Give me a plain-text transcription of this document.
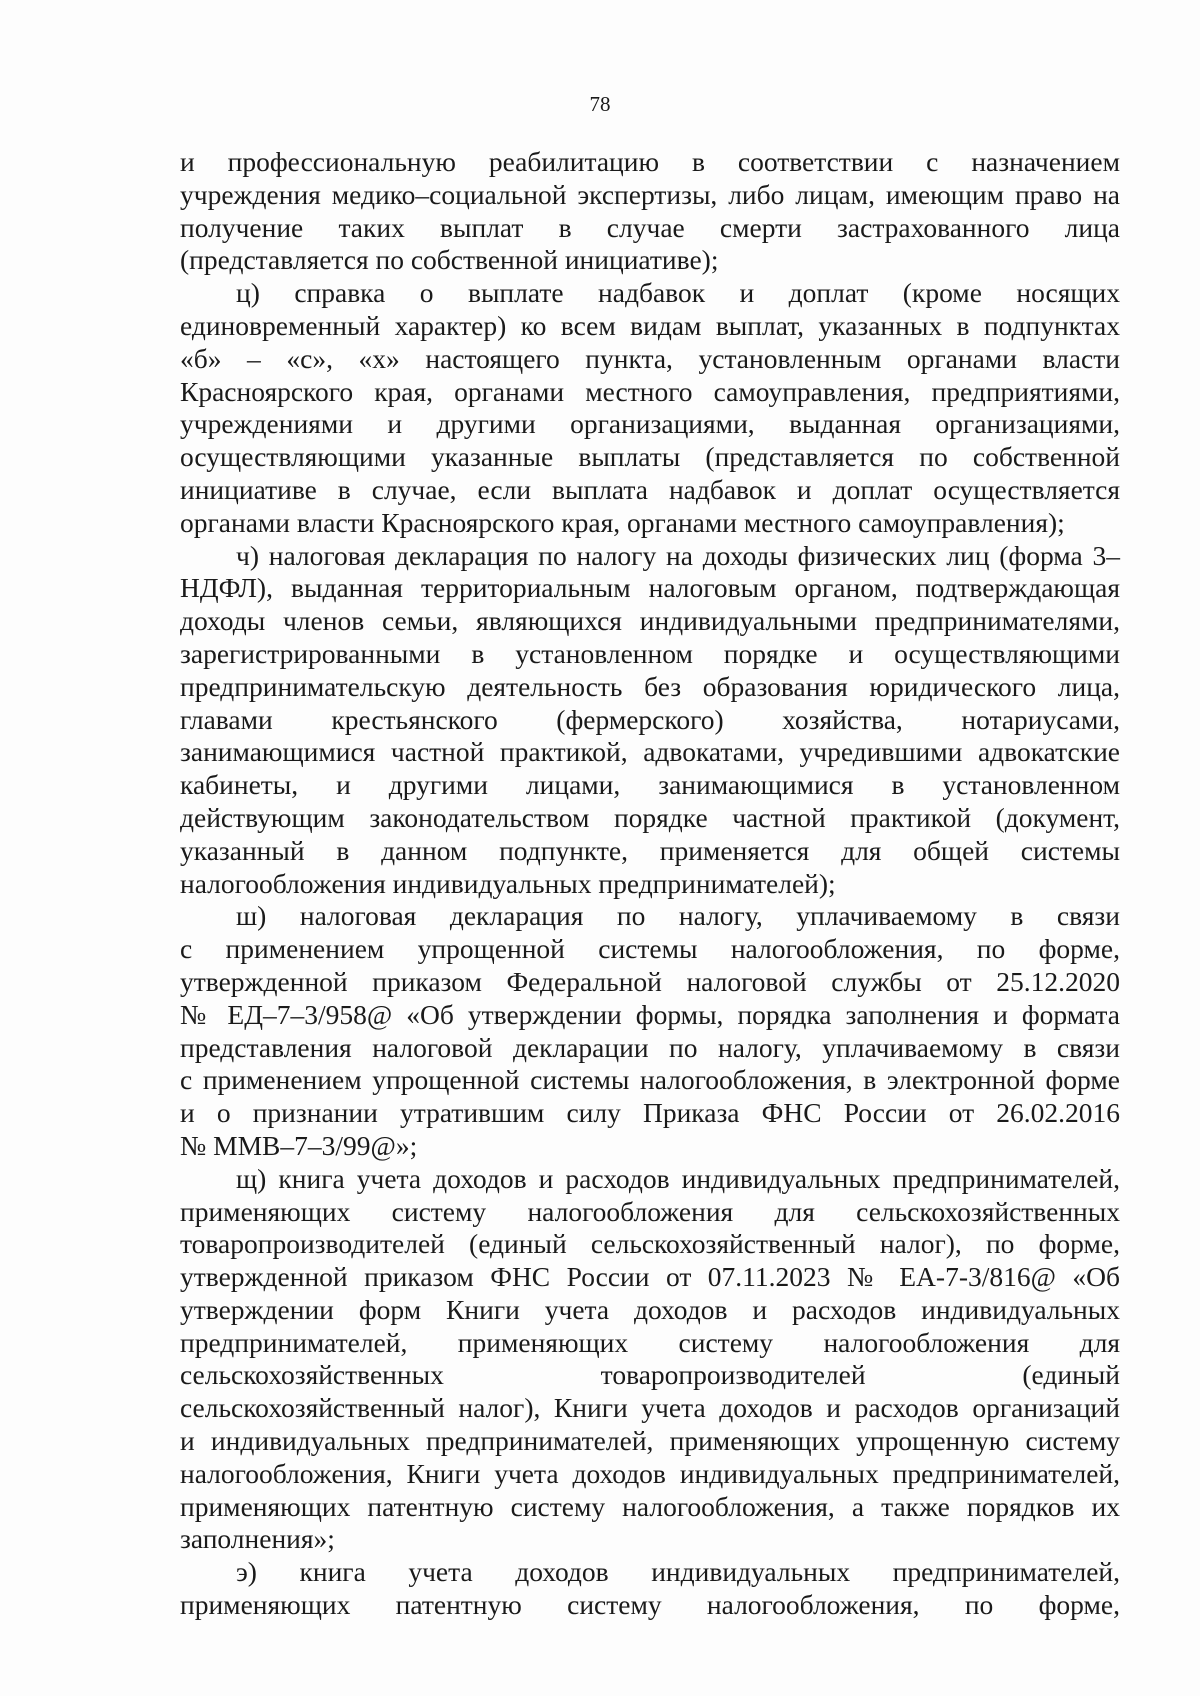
78
и профессиональную реабилитацию в соответствии с назначением
учреждения медико–социальной экспертизы, либо лицам, имеющим право на
получение таких выплат в случае смерти застрахованного лица
(представляется по собственной инициативе);
ц) справка о выплате надбавок и доплат (кроме носящих
единовременный характер) ко всем видам выплат, указанных в подпунктах
«б» – «с», «х» настоящего пункта, установленным органами власти
Красноярского края, органами местного самоуправления, предприятиями,
учреждениями и другими организациями, выданная организациями,
осуществляющими указанные выплаты (представляется по собственной
инициативе в случае, если выплата надбавок и доплат осуществляется
органами власти Красноярского края, органами местного самоуправления);
ч) налоговая декларация по налогу на доходы физических лиц (форма 3–
НДФЛ), выданная территориальным налоговым органом, подтверждающая
доходы членов семьи, являющихся индивидуальными предпринимателями,
зарегистрированными в установленном порядке и осуществляющими
предпринимательскую деятельность без образования юридического лица,
главами крестьянского (фермерского) хозяйства, нотариусами,
занимающимися частной практикой, адвокатами, учредившими адвокатские
кабинеты, и другими лицами, занимающимися в установленном
действующим законодательством порядке частной практикой (документ,
указанный в данном подпункте, применяется для общей системы
налогообложения индивидуальных предпринимателей);
ш) налоговая декларация по налогу, уплачиваемому в связи
с применением упрощенной системы налогообложения, по форме,
утвержденной приказом Федеральной налоговой службы от 25.12.2020
№ ЕД–7–3/958@ «Об утверждении формы, порядка заполнения и формата
представления налоговой декларации по налогу, уплачиваемому в связи
с применением упрощенной системы налогообложения, в электронной форме
и о признании утратившим силу Приказа ФНС России от 26.02.2016
№ ММВ–7–3/99@»;
щ) книга учета доходов и расходов индивидуальных предпринимателей,
применяющих систему налогообложения для сельскохозяйственных
товаропроизводителей (единый сельскохозяйственный налог), по форме,
утвержденной приказом ФНС России от 07.11.2023 № ЕА-7-3/816@ «Об
утверждении форм Книги учета доходов и расходов индивидуальных
предпринимателей, применяющих систему налогообложения для
сельскохозяйственных товаропроизводителей (единый
сельскохозяйственный налог), Книги учета доходов и расходов организаций
и индивидуальных предпринимателей, применяющих упрощенную систему
налогообложения, Книги учета доходов индивидуальных предпринимателей,
применяющих патентную систему налогообложения, а также порядков их
заполнения»;
э) книга учета доходов индивидуальных предпринимателей,
применяющих патентную систему налогообложения, по форме,
